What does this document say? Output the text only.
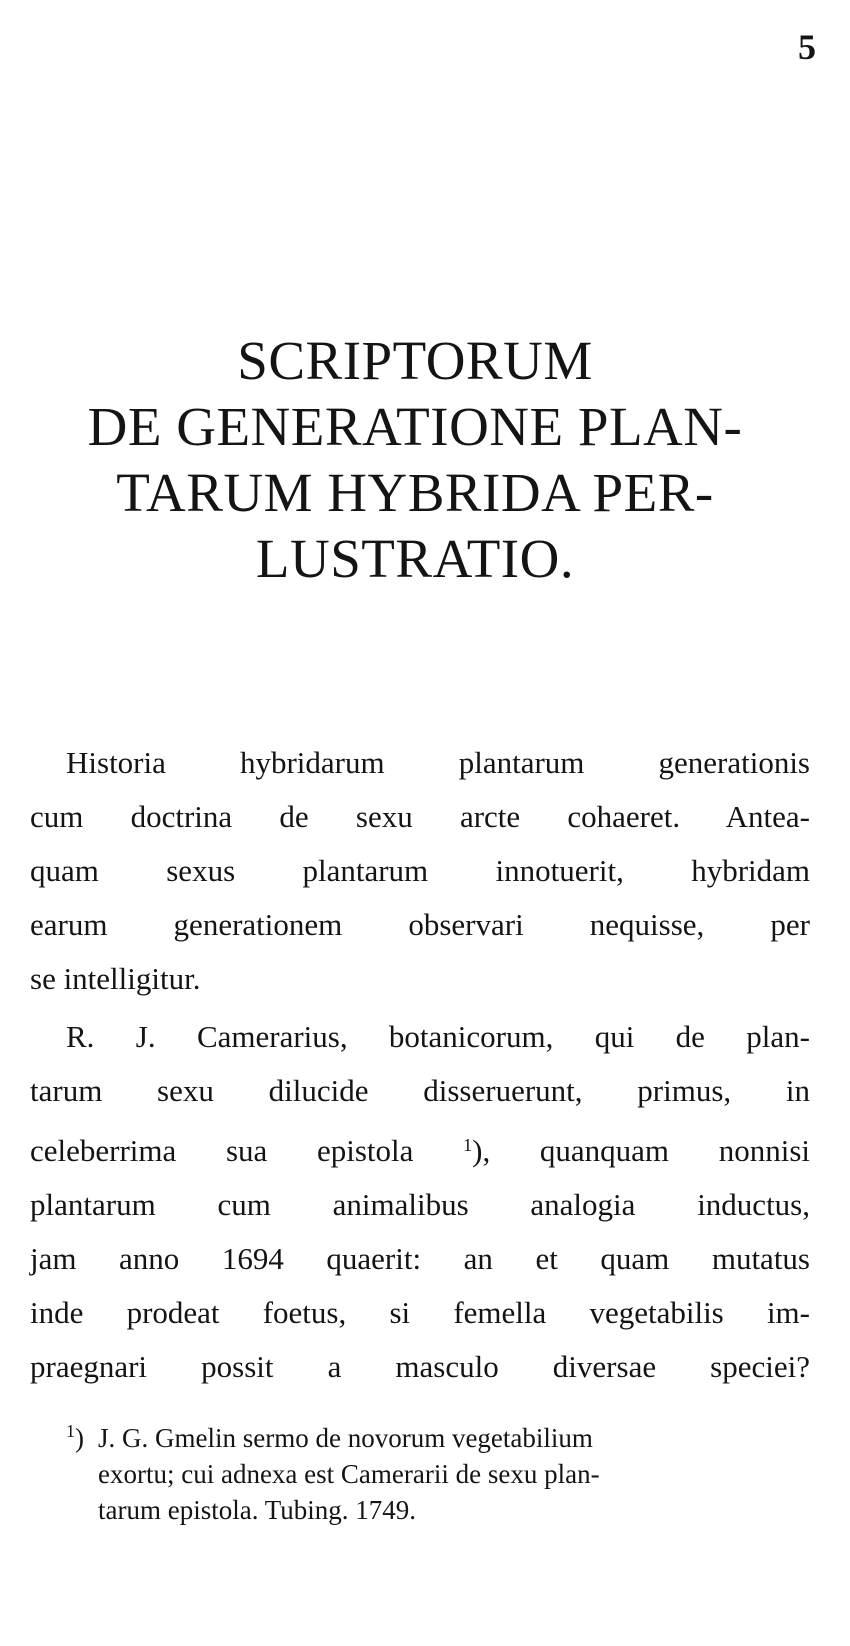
5
SCRIPTORUM
DE GENERATIONE PLAN-
TARUM HYBRIDA PER-
LUSTRATIO.

Historia hybridarum plantarum generationis
cum doctrina de sexu arcte cohaeret. Antea-
quam sexus plantarum innotuerit, hybridam
earum generationem observari nequisse, per
se intelligitur.

R. J. Camerarius, botanicorum, qui de plan-
tarum sexu dilucide disseruerunt, primus, in
celeberrima sua epistola	$^1$), quanquam nonnisi
plantarum cum animalibus analogia inductus,
jam anno 1694 quaerit: an et quam mutatus
inde prodeat foetus, si femella vegetabilis im-
praegnari possit a masculo diversae speciei?

$^1$) J. G. Gmelin sermo de novorum vegetabilium
exortu; cui adnexa est Camerarii de sexu plan-
tarum epistola. Tubing. 1749.
